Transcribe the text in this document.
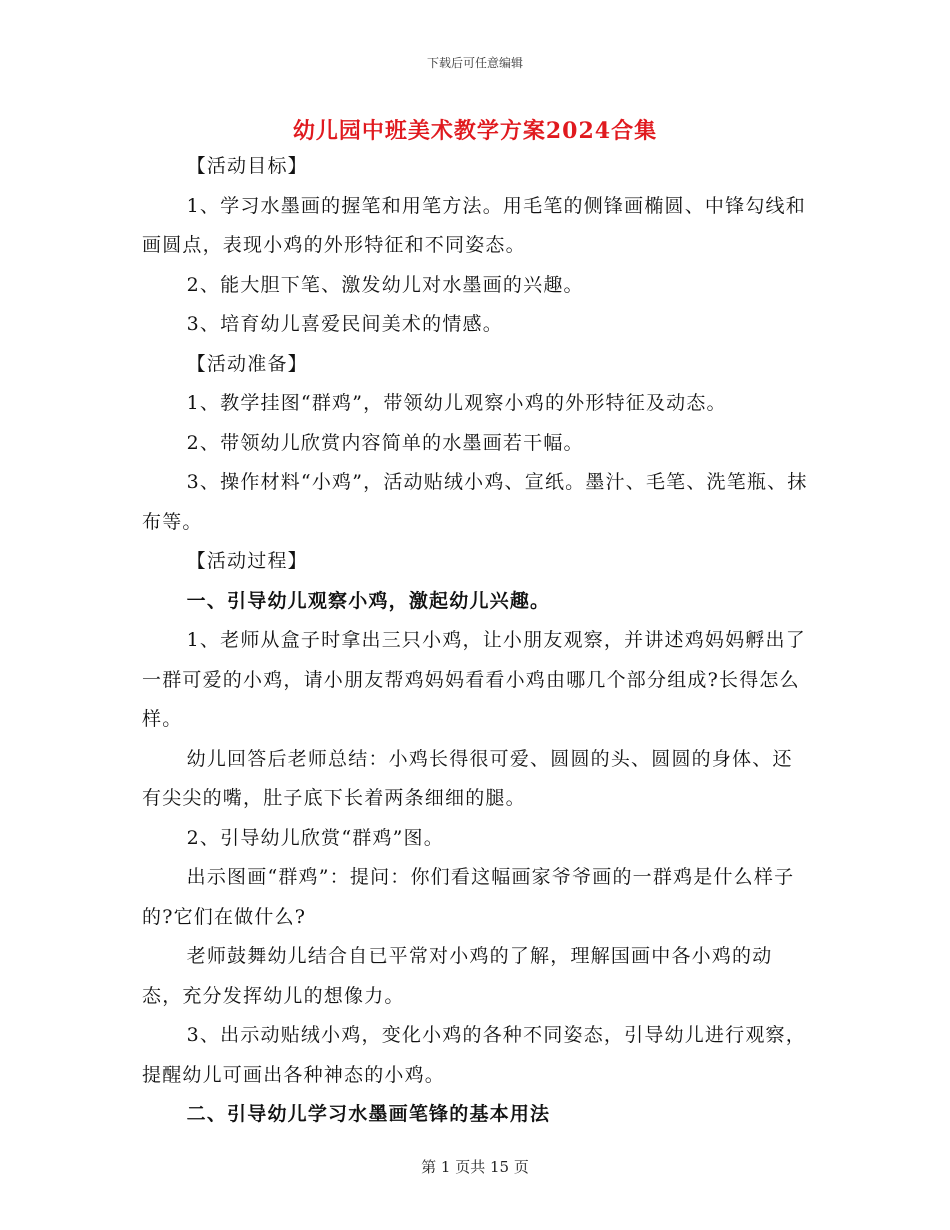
下载后可任意编辑
幼儿园中班美术教学方案2024合集

【活动目标】

1、学习水墨画的握笔和用笔方法。用毛笔的侧锋画椭圆、中锋勾线和画圆点，表现小鸡的外形特征和不同姿态。

2、能大胆下笔、激发幼儿对水墨画的兴趣。

3、培育幼儿喜爱民间美术的情感。

【活动准备】

1、教学挂图“群鸡”，带领幼儿观察小鸡的外形特征及动态。

2、带领幼儿欣赏内容简单的水墨画若干幅。

3、操作材料“小鸡”，活动贴绒小鸡、宣纸。墨汁、毛笔、洗笔瓶、抹布等。

【活动过程】

一、引导幼儿观察小鸡，激起幼儿兴趣。

1、老师从盒子时拿出三只小鸡，让小朋友观察，并讲述鸡妈妈孵出了一群可爱的小鸡，请小朋友帮鸡妈妈看看小鸡由哪几个部分组成?长得怎么样。

幼儿回答后老师总结：小鸡长得很可爱、圆圆的头、圆圆的身体、还有尖尖的嘴，肚子底下长着两条细细的腿。

2、引导幼儿欣赏“群鸡”图。

出示图画“群鸡”：提问：你们看这幅画家爷爷画的一群鸡是什么样子的?它们在做什么?

老师鼓舞幼儿结合自已平常对小鸡的了解，理解国画中各小鸡的动态，充分发挥幼儿的想像力。

3、出示动贴绒小鸡，变化小鸡的各种不同姿态，引导幼儿进行观察，提醒幼儿可画出各种神态的小鸡。

二、引导幼儿学习水墨画笔锋的基本用法

第 1 页共 15 页
